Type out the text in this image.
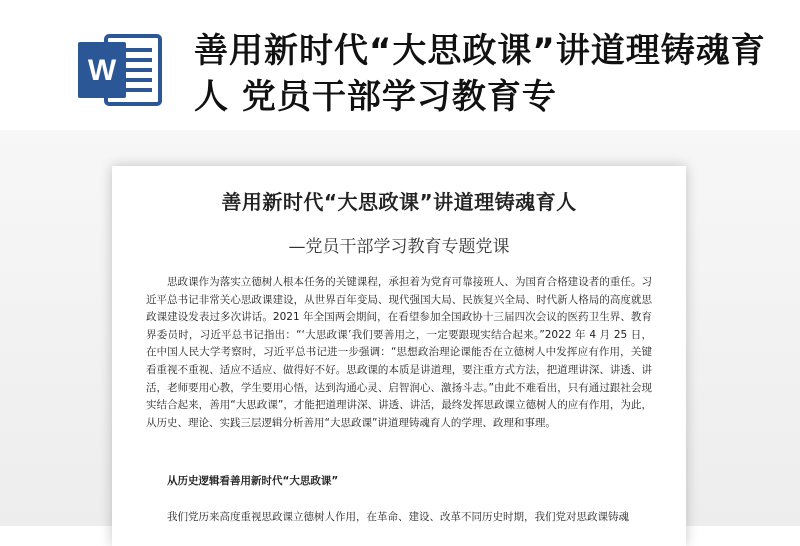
W 善用新时代“大思政课”讲道理铸魂育人 党员干部学习教育专
善用新时代“大思政课”讲道理铸魂育人
—党员干部学习教育专题党课

思政课作为落实立德树人根本任务的关键课程，承担着为党育可靠接班人、为国育合格建设者的重任。习近平总书记非常关心思政课建设，从世界百年变局、现代强国大局、民族复兴全局、时代新人格局的高度就思政课建设发表过多次讲话。2021 年全国两会期间，在看望参加全国政协十三届四次会议的医药卫生界、教育界委员时，习近平总书记指出：“‘大思政课’我们要善用之，一定要跟现实结合起来。”2022 年 4 月 25 日，在中国人民大学考察时，习近平总书记进一步强调：“思想政治理论课能否在立德树人中发挥应有作用，关键看重视不重视、适应不适应、做得好不好。思政课的本质是讲道理，要注重方式方法，把道理讲深、讲透、讲活，老师要用心教，学生要用心悟，达到沟通心灵、启智润心、激扬斗志。”由此不难看出，只有通过跟社会现实结合起来，善用“大思政课”，才能把道理讲深、讲透、讲活，最终发挥思政课立德树人的应有作用，为此，从历史、理论、实践三层逻辑分析善用“大思政课”讲道理铸魂育人的学理、政理和事理。

从历史逻辑看善用新时代“大思政课”
我们党历来高度重视思政课立德树人作用，在革命、建设、改革不同历史时期，我们党对思政课铸魂
